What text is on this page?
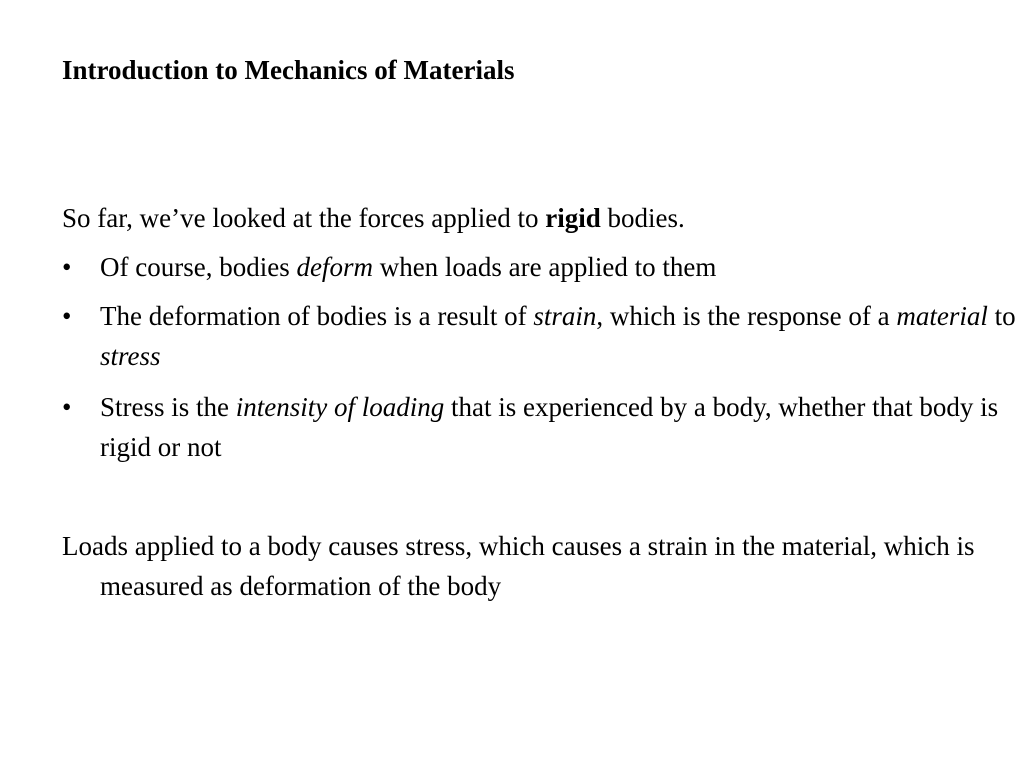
Introduction to Mechanics of Materials

So far, we’ve looked at the forces applied to rigid bodies.

•	Of course, bodies deform when loads are applied to them
•	The deformation of bodies is a result of strain, which is the response of a material to stress
•	Stress is the intensity of loading that is experienced by a body, whether that body is rigid or not

Loads applied to a body causes stress, which causes a strain in the material, which is measured as deformation of the body
